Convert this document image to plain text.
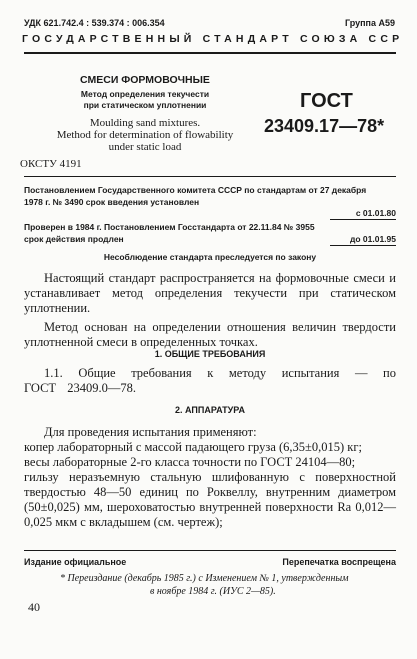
УДК 621.742.4 : 539.374 : 006.354	Группа А59
ГОСУДАРСТВЕННЫЙ СТАНДАРТ СОЮЗА ССР
СМЕСИ ФОРМОВОЧНЫЕ
Метод определения текучести
при статическом уплотнении
Moulding sand mixtures.
Method for determination of flowability
under static load
ГОСТ
23409.17—78*
ОКСТУ 4191
Постановлением Государственного комитета СССР по стандартам от 27 декабря
1978 г. № 3490 срок введения установлен
с 01.01.80
Проверен в 1984 г. Постановлением Госстандарта от 22.11.84 № 3955
срок действия продлен	до 01.01.95
Несоблюдение стандарта преследуется по закону
Настоящий стандарт распространяется на формовочные смеси и устанавливает метод определения текучести при статическом уплотнении.
Метод основан на определении отношения величин твердости уплотненной смеси в определенных точках.
1. ОБЩИЕ ТРЕБОВАНИЯ
1.1. Общие требования к методу испытания — по ГОСТ 23409.0—78.
2. АППАРАТУРА
Для проведения испытания применяют:
копер лабораторный с массой падающего груза (6,35±0,015) кг;
весы лабораторные 2-го класса точности по ГОСТ 24104—80;
гильзу неразъемную стальную шлифованную с поверхностной твердостью 48—50 единиц по Роквеллу, внутренним диаметром (50±0,025) мм, шероховатостью внутренней поверхности Ra 0,012—0,025 мкм с вкладышем (см. чертеж);
Издание официальное	Перепечатка воспрещена
* Переиздание (декабрь 1985 г.) с Изменением № 1, утвержденным
в ноябре 1984 г. (ИУС 2—85).
40
